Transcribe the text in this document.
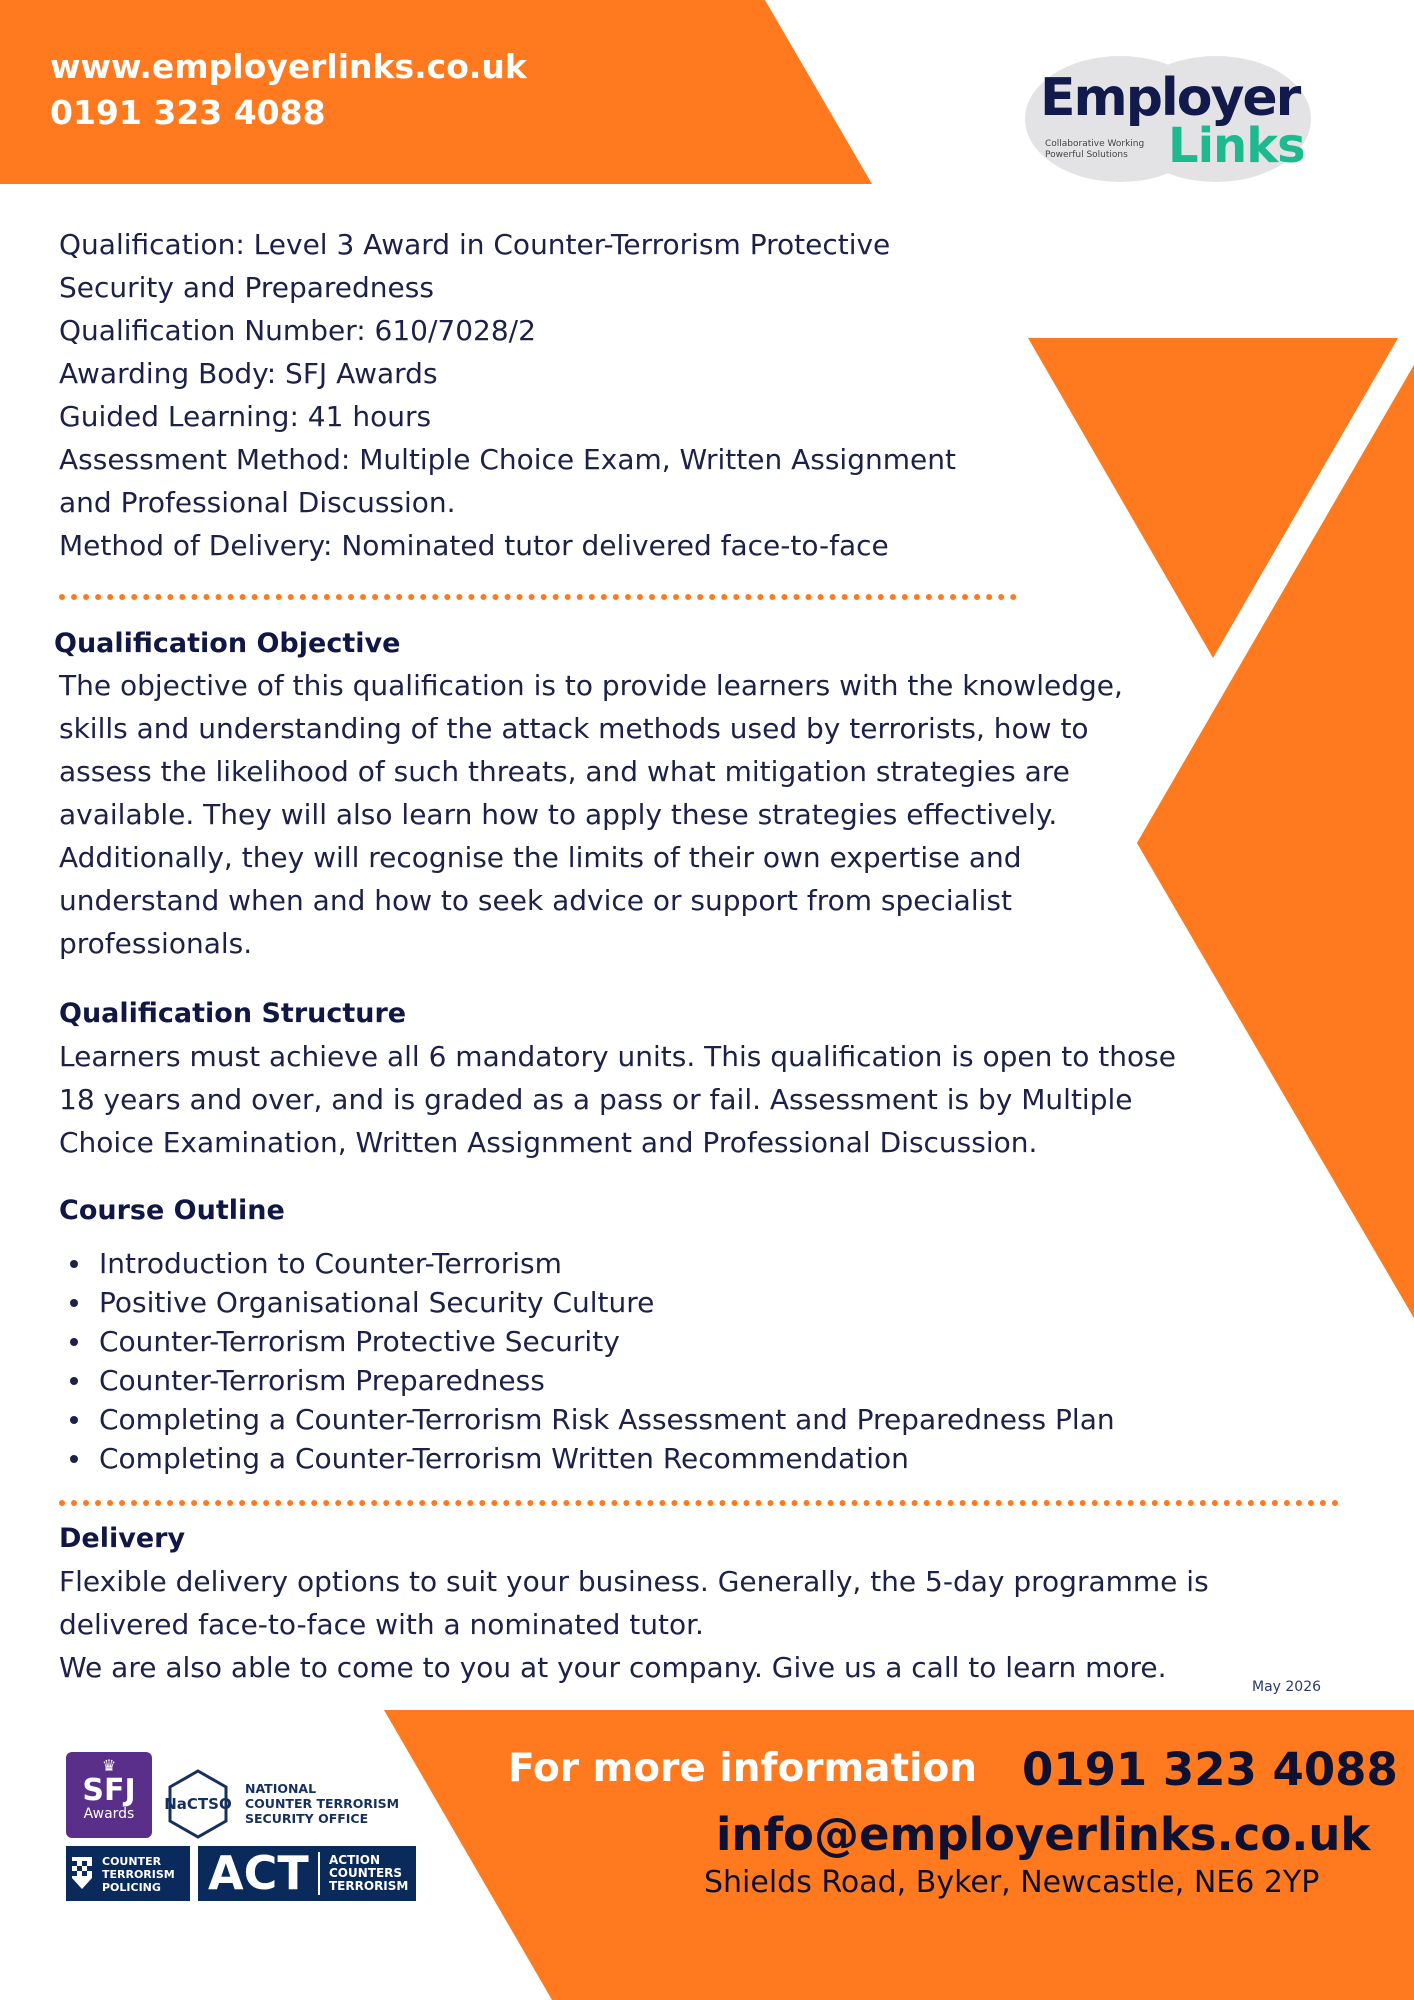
www.employerlinks.co.uk
0191 323 4088	Employer
Links
Collaborative Working
Powerful Solutions
Qualification: Level 3 Award in Counter-Terrorism Protective
Security and Preparedness
Qualification Number: 610/7028/2
Awarding Body: SFJ Awards
Guided Learning: 41 hours
Assessment Method: Multiple Choice Exam, Written Assignment
and Professional Discussion.
Method of Delivery: Nominated tutor delivered face-to-face
Qualification Objective
The objective of this qualification is to provide learners with the knowledge,
skills and understanding of the attack methods used by terrorists, how to
assess the likelihood of such threats, and what mitigation strategies are
available. They will also learn how to apply these strategies effectively.
Additionally, they will recognise the limits of their own expertise and
understand when and how to seek advice or support from specialist
professionals.
Qualification Structure
Learners must achieve all 6 mandatory units. This qualification is open to those
18 years and over, and is graded as a pass or fail. Assessment is by Multiple
Choice Examination, Written Assignment and Professional Discussion.
Course Outline
Introduction to Counter-Terrorism
Positive Organisational Security Culture
Counter-Terrorism Protective Security
Counter-Terrorism Preparedness
Completing a Counter-Terrorism Risk Assessment and Preparedness Plan
Completing a Counter-Terrorism Written Recommendation
Delivery
Flexible delivery options to suit your business. Generally, the 5-day programme is
delivered face-to-face with a nominated tutor.
We are also able to come to you at your company. Give us a call to learn more.
May 2026
For more information 0191 323 4088
info@employerlinks.co.uk
Shields Road, Byker, Newcastle, NE6 2YP
♛
SFJ
Awards
NaCTSO
NATIONAL
COUNTER TERRORISM
SECURITY OFFICE
COUNTER
TERRORISM
POLICING	ACT ACTION
COUNTERS
TERRORISM
